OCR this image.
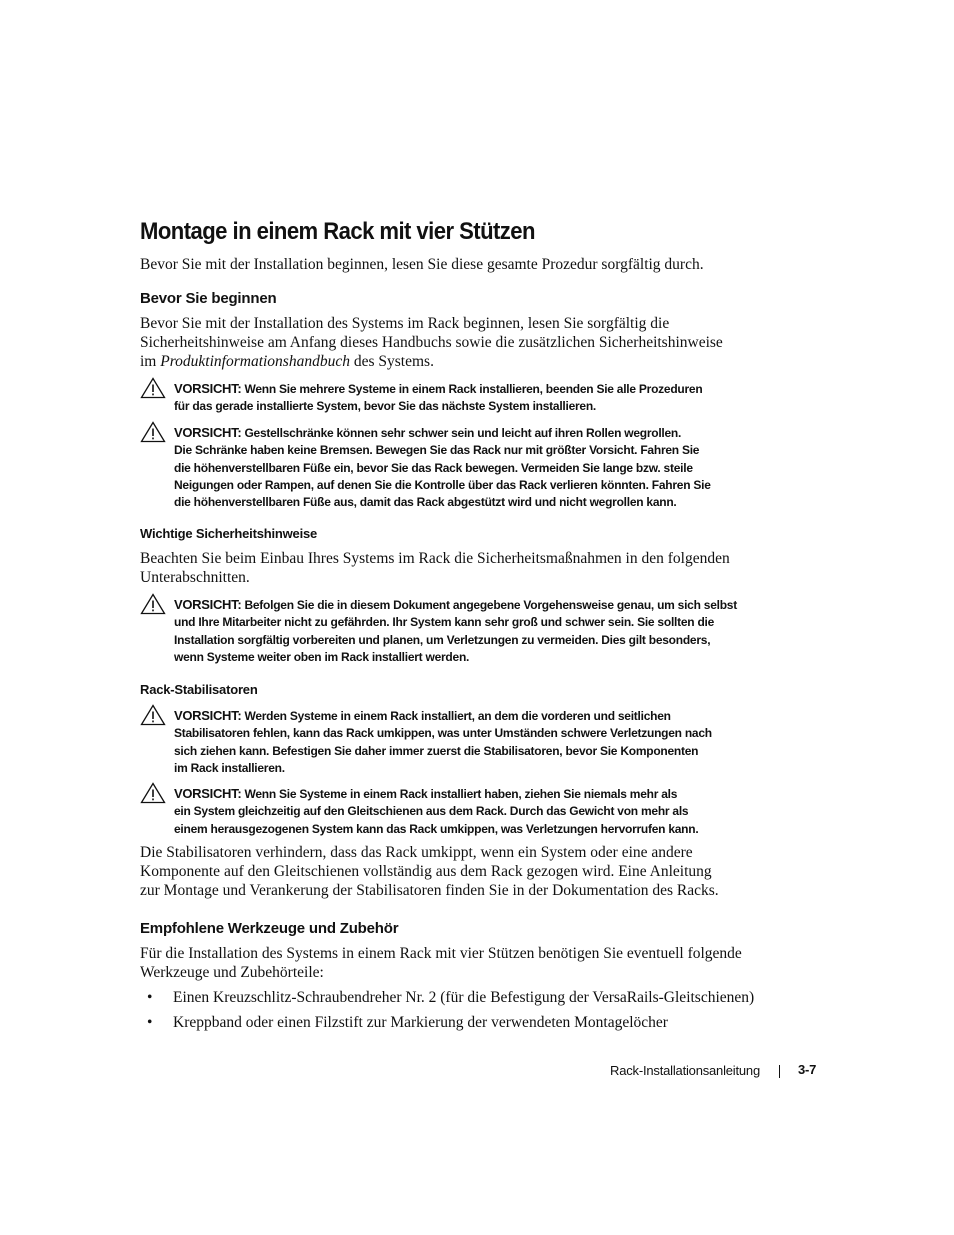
Montage in einem Rack mit vier Stützen

Bevor Sie mit der Installation beginnen, lesen Sie diese gesamte Prozedur sorgfältig durch.

Bevor Sie beginnen
Bevor Sie mit der Installation des Systems im Rack beginnen, lesen Sie sorgfältig die
Sicherheitshinweise am Anfang dieses Handbuchs sowie die zusätzlichen Sicherheitshinweise
im Produktinformationshandbuch des Systems.
VORSICHT: Wenn Sie mehrere Systeme in einem Rack installieren, beenden Sie alle Prozeduren
für das gerade installierte System, bevor Sie das nächste System installieren.
VORSICHT: Gestellschränke können sehr schwer sein und leicht auf ihren Rollen wegrollen.
Die Schränke haben keine Bremsen. Bewegen Sie das Rack nur mit größter Vorsicht. Fahren Sie
die höhenverstellbaren Füße ein, bevor Sie das Rack bewegen. Vermeiden Sie lange bzw. steile
Neigungen oder Rampen, auf denen Sie die Kontrolle über das Rack verlieren könnten. Fahren Sie
die höhenverstellbaren Füße aus, damit das Rack abgestützt wird und nicht wegrollen kann.
Wichtige Sicherheitshinweise
Beachten Sie beim Einbau Ihres Systems im Rack die Sicherheitsmaßnahmen in den folgenden
Unterabschnitten.
VORSICHT: Befolgen Sie die in diesem Dokument angegebene Vorgehensweise genau, um sich selbst
und Ihre Mitarbeiter nicht zu gefährden. Ihr System kann sehr groß und schwer sein. Sie sollten die
Installation sorgfältig vorbereiten und planen, um Verletzungen zu vermeiden. Dies gilt besonders,
wenn Systeme weiter oben im Rack installiert werden.
Rack-Stabilisatoren
VORSICHT: Werden Systeme in einem Rack installiert, an dem die vorderen und seitlichen
Stabilisatoren fehlen, kann das Rack umkippen, was unter Umständen schwere Verletzungen nach
sich ziehen kann. Befestigen Sie daher immer zuerst die Stabilisatoren, bevor Sie Komponenten
im Rack installieren.
VORSICHT: Wenn Sie Systeme in einem Rack installiert haben, ziehen Sie niemals mehr als
ein System gleichzeitig auf den Gleitschienen aus dem Rack. Durch das Gewicht von mehr als
einem herausgezogenen System kann das Rack umkippen, was Verletzungen hervorrufen kann.
Die Stabilisatoren verhindern, dass das Rack umkippt, wenn ein System oder eine andere
Komponente auf den Gleitschienen vollständig aus dem Rack gezogen wird. Eine Anleitung
zur Montage und Verankerung der Stabilisatoren finden Sie in der Dokumentation des Racks.
Empfohlene Werkzeuge und Zubehör
Für die Installation des Systems in einem Rack mit vier Stützen benötigen Sie eventuell folgende
Werkzeuge und Zubehörteile:
• Einen Kreuzschlitz-Schraubendreher Nr. 2 (für die Befestigung der VersaRails-Gleitschienen)
• Kreppband oder einen Filzstift zur Markierung der verwendeten Montagelöcher
Rack-Installationsanleitung	3-7
